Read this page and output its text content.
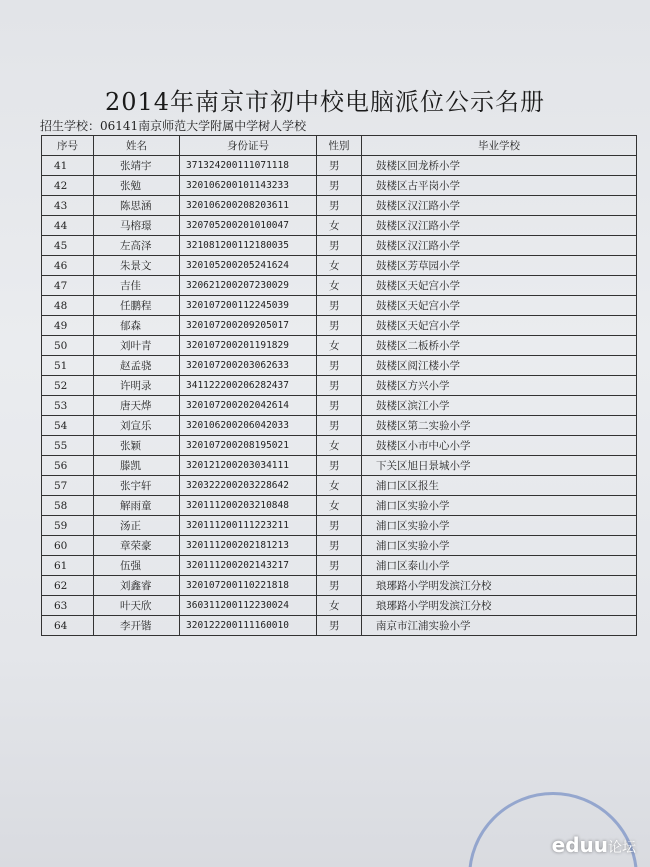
2014年南京市初中校电脑派位公示名册
招生学校：06141南京师范大学附属中学树人学校
序号	姓名	身份证号	性别	毕业学校
41	张靖宇	371324200111071118	男	鼓楼区回龙桥小学
42	张勉	320106200101143233	男	鼓楼区古平岗小学
43	陈思涵	320106200208203611	男	鼓楼区汉江路小学
44	马榕璟	320705200201010047	女	鼓楼区汉江路小学
45	左高泽	321081200112180035	男	鼓楼区汉江路小学
46	朱景文	320105200205241624	女	鼓楼区芳草园小学
47	吉佳	320621200207230029	女	鼓楼区天妃宫小学
48	任鹏程	320107200112245039	男	鼓楼区天妃宫小学
49	郁森	320107200209205017	男	鼓楼区天妃宫小学
50	刘叶青	320107200201191829	女	鼓楼区二板桥小学
51	赵孟骁	320107200203062633	男	鼓楼区阅江楼小学
52	许明录	341122200206282437	男	鼓楼区方兴小学
53	唐天烨	320107200202042614	男	鼓楼区滨江小学
54	刘宣乐	320106200206042033	男	鼓楼区第二实验小学
55	张颖	320107200208195021	女	鼓楼区小市中心小学
56	滕凯	320121200203034111	男	下关区旭日景城小学
57	张宇轩	320322200203228642	女	浦口区区报生
58	解雨童	320111200203210848	女	浦口区实验小学
59	汤正	320111200111223211	男	浦口区实验小学
60	章荣豪	320111200202181213	男	浦口区实验小学
61	伍强	320111200202143217	男	浦口区泰山小学
62	刘鑫睿	320107200110221818	男	琅琊路小学明发滨江分校
63	叶天欣	360311200112230024	女	琅琊路小学明发滨江分校
64	李开锴	320122200111160010	男	南京市江浦实验小学
eduu论坛
